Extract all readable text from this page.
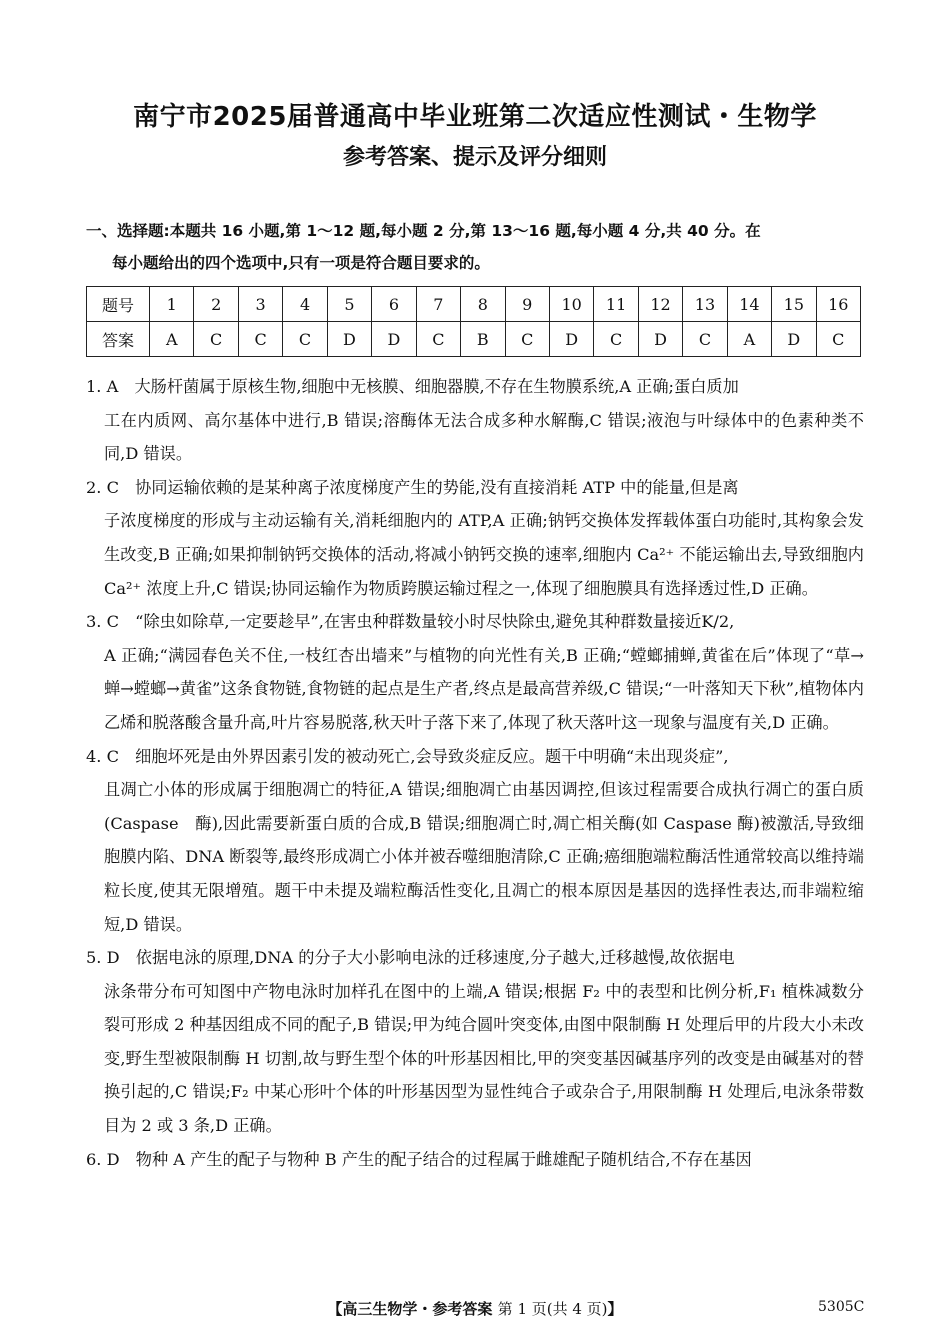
南宁市2025届普通高中毕业班第二次适应性测试・生物学
参考答案、提示及评分细则
一、选择题:本题共 16 小题,第 1～12 题,每小题 2 分,第 13～16 题,每小题 4 分,共 40 分。在
每小题给出的四个选项中,只有一项是符合题目要求的。
题号	1	2	3	4	5	6	7	8	9	10	11	12	13	14	15	16
答案	A	C	C	C	D	D	C	B	C	D	C	D	C	A	D	C

1. A　大肠杆菌属于原核生物,细胞中无核膜、细胞器膜,不存在生物膜系统,A 正确;蛋白质加
工在内质网、高尔基体中进行,B 错误;溶酶体无法合成多种水解酶,C 错误;液泡与叶绿体中的色素种类不同,D 错误。

2. C　协同运输依赖的是某种离子浓度梯度产生的势能,没有直接消耗 ATP 中的能量,但是离
子浓度梯度的形成与主动运输有关,消耗细胞内的 ATP,A 正确;钠钙交换体发挥载体蛋白功能时,其构象会发生改变,B 正确;如果抑制钠钙交换体的活动,将减小钠钙交换的速率,细胞内 Ca²⁺ 不能运输出去,导致细胞内 Ca²⁺ 浓度上升,C 错误;协同运输作为物质跨膜运输过程之一,体现了细胞膜具有选择透过性,D 正确。

3. C　“除虫如除草,一定要趁早”,在害虫种群数量较小时尽快除虫,避免其种群数量接近K/2,
A 正确;“满园春色关不住,一枝红杏出墙来”与植物的向光性有关,B 正确;“螳螂捕蝉,黄雀在后”体现了“草→蝉→螳螂→黄雀”这条食物链,食物链的起点是生产者,终点是最高营养级,C 错误;“一叶落知天下秋”,植物体内乙烯和脱落酸含量升高,叶片容易脱落,秋天叶子落下来了,体现了秋天落叶这一现象与温度有关,D 正确。

4. C　细胞坏死是由外界因素引发的被动死亡,会导致炎症反应。题干中明确“未出现炎症”,
且凋亡小体的形成属于细胞凋亡的特征,A 错误;细胞凋亡由基因调控,但该过程需要合成执行凋亡的蛋白质(Caspase　酶),因此需要新蛋白质的合成,B 错误;细胞凋亡时,凋亡相关酶(如 Caspase 酶)被激活,导致细胞膜内陷、DNA 断裂等,最终形成凋亡小体并被吞噬细胞清除,C 正确;癌细胞端粒酶活性通常较高以维持端粒长度,使其无限增殖。题干中未提及端粒酶活性变化,且凋亡的根本原因是基因的选择性表达,而非端粒缩短,D 错误。

5. D　依据电泳的原理,DNA 的分子大小影响电泳的迁移速度,分子越大,迁移越慢,故依据电
泳条带分布可知图中产物电泳时加样孔在图中的上端,A 错误;根据 F₂ 中的表型和比例分析,F₁ 植株减数分裂可形成 2 种基因组成不同的配子,B 错误;甲为纯合圆叶突变体,由图中限制酶 H 处理后甲的片段大小未改变,野生型被限制酶 H 切割,故与野生型个体的叶形基因相比,甲的突变基因碱基序列的改变是由碱基对的替换引起的,C 错误;F₂ 中某心形叶个体的叶形基因型为显性纯合子或杂合子,用限制酶 H 处理后,电泳条带数目为 2 或 3 条,D 正确。

6. D　物种 A 产生的配子与物种 B 产生的配子结合的过程属于雌雄配子随机结合,不存在基因

【高三生物学・参考答案 第 1 页(共 4 页)】	5305C
